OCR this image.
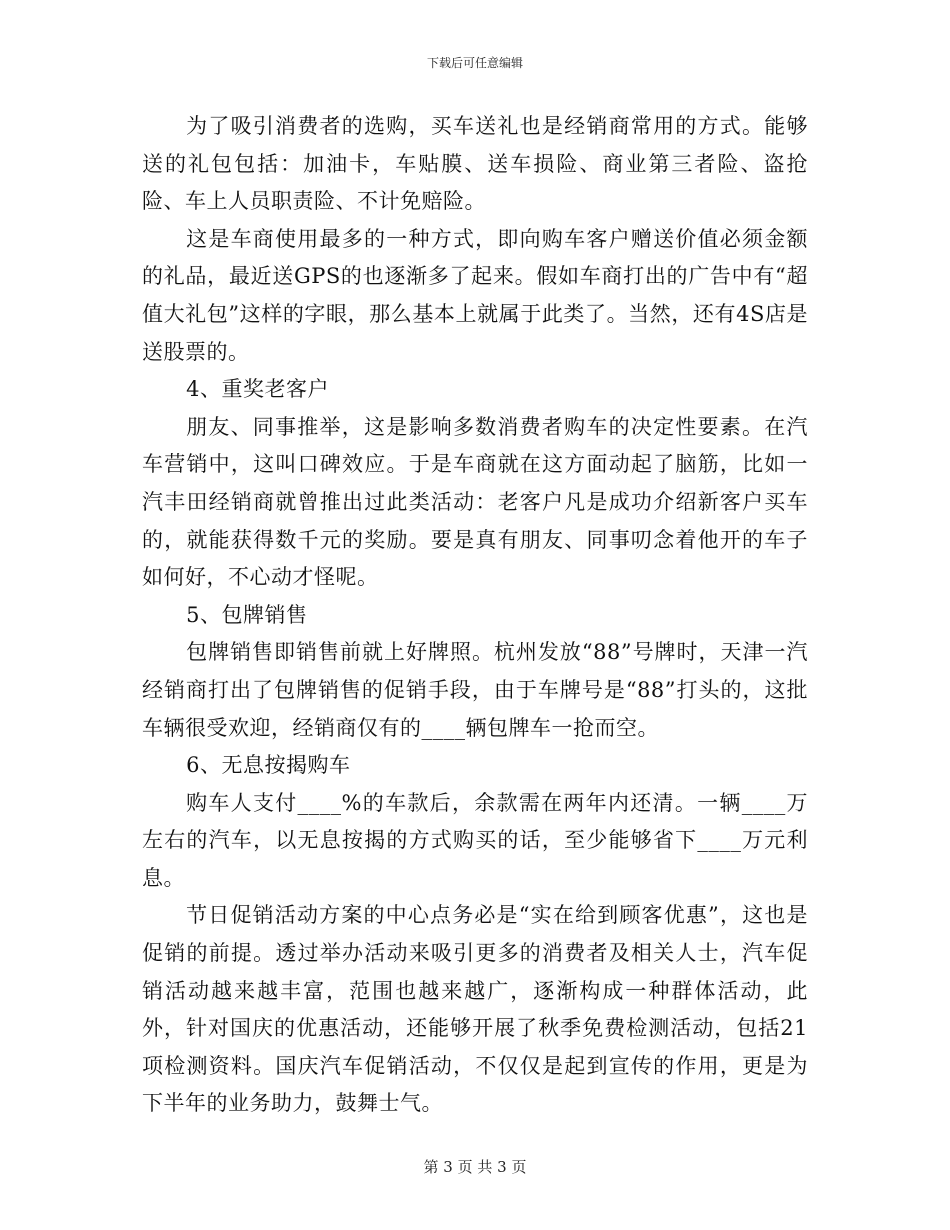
下载后可任意编辑

为了吸引消费者的选购，买车送礼也是经销商常用的方式。能够送的礼包包括：加油卡，车贴膜、送车损险、商业第三者险、盗抢险、车上人员职责险、不计免赔险。

这是车商使用最多的一种方式，即向购车客户赠送价值必须金额的礼品，最近送GPS的也逐渐多了起来。假如车商打出的广告中有“超值大礼包”这样的字眼，那么基本上就属于此类了。当然，还有4S店是送股票的。

4、重奖老客户

朋友、同事推举，这是影响多数消费者购车的决定性要素。在汽车营销中，这叫口碑效应。于是车商就在这方面动起了脑筋，比如一汽丰田经销商就曾推出过此类活动：老客户凡是成功介绍新客户买车的，就能获得数千元的奖励。要是真有朋友、同事叨念着他开的车子如何好，不心动才怪呢。

5、包牌销售

包牌销售即销售前就上好牌照。杭州发放“88”号牌时，天津一汽经销商打出了包牌销售的促销手段，由于车牌号是“88”打头的，这批车辆很受欢迎，经销商仅有的____辆包牌车一抢而空。

6、无息按揭购车

购车人支付____%的车款后，余款需在两年内还清。一辆____万左右的汽车，以无息按揭的方式购买的话，至少能够省下____万元利息。

节日促销活动方案的中心点务必是“实在给到顾客优惠”，这也是促销的前提。透过举办活动来吸引更多的消费者及相关人士，汽车促销活动越来越丰富，范围也越来越广，逐渐构成一种群体活动，此外，针对国庆的优惠活动，还能够开展了秋季免费检测活动，包括21项检测资料。国庆汽车促销活动，不仅仅是起到宣传的作用，更是为下半年的业务助力，鼓舞士气。

第 3 页 共 3 页
